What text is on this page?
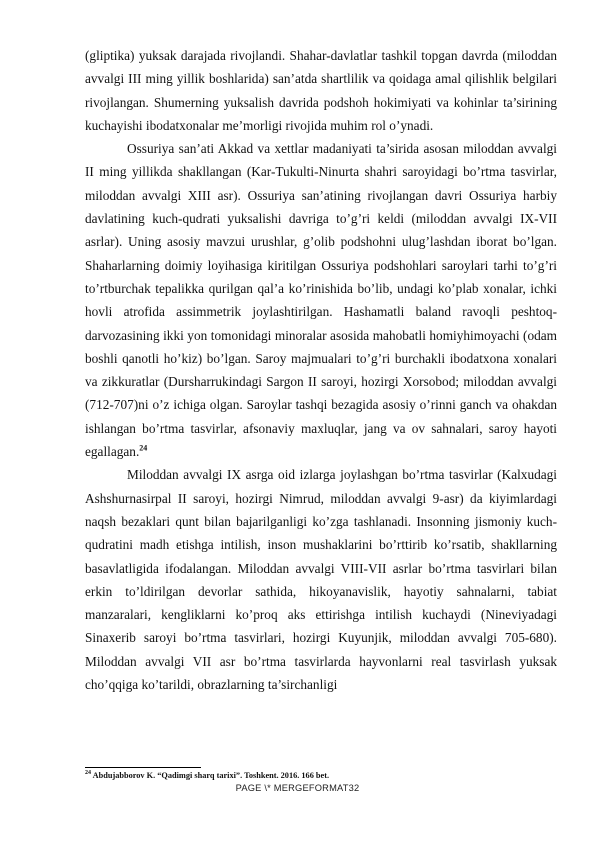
(gliptika) yuksak darajada rivojlandi. Shahar-davlatlar tashkil topgan davrda (miloddan avvalgi III ming yillik boshlarida) san’atda shartlilik va qoidaga amal qilishlik belgilari rivojlangan. Shumerning yuksalish davrida podshoh hokimiyati va kohinlar ta’sirining kuchayishi ibodatxonalar me’morligi rivojida muhim rol o’ynadi.

Ossuriya san’ati Akkad va xettlar madaniyati ta’sirida asosan miloddan avvalgi II ming yillikda shakllangan (Kar-Tukulti-Ninurta shahri saroyidagi bo’rtma tasvirlar, miloddan avvalgi XIII asr). Ossuriya san’atining rivojlangan davri Ossuriya harbiy davlatining kuch-qudrati yuksalishi davriga to’g’ri keldi (miloddan avvalgi IX-VII asrlar). Uning asosiy mavzui urushlar, g’olib podshohni ulug’lashdan iborat bo’lgan. Shaharlarning doimiy loyihasiga kiritilgan Ossuriya podshohlari saroylari tarhi to’g’ri to’rtburchak tepalikka qurilgan qal’a ko’rinishida bo’lib, undagi ko’plab xonalar, ichki hovli atrofida assimmetrik joylashtirilgan. Hashamatli baland ravoqli peshtoq-darvozasining ikki yon tomonidagi minoralar asosida mahobatli homiyhimoyachi (odam boshli qanotli ho’kiz) bo’lgan. Saroy majmualari to’g’ri burchakli ibodatxona xonalari va zikkuratlar (Dursharrukindagi Sargon II saroyi, hozirgi Xorsobod; miloddan avvalgi (712-707)ni o’z ichiga olgan. Saroylar tashqi bezagida asosiy o’rinni ganch va ohakdan ishlangan bo’rtma tasvirlar, afsonaviy maxluqlar, jang va ov sahnalari, saroy hayoti egallagan.$^{24}$

Miloddan avvalgi IX asrga oid izlarga joylashgan bo’rtma tasvirlar (Kalxudagi Ashshurnasirpal II saroyi, hozirgi Nimrud, miloddan avvalgi 9-asr) da kiyimlardagi naqsh bezaklari qunt bilan bajarilganligi ko’zga tashlanadi. Insonning jismoniy kuch-qudratini madh etishga intilish, inson mushaklarini bo’rttirib ko’rsatib, shakllarning basavlatligida ifodalangan. Miloddan avvalgi VIII-VII asrlar bo’rtma tasvirlari bilan erkin to’ldirilgan devorlar sathida, hikoyanavislik, hayotiy sahnalarni, tabiat manzaralari, kengliklarni ko’proq aks ettirishga intilish kuchaydi (Nineviyadagi Sinaxerib saroyi bo’rtma tasvirlari, hozirgi Kuyunjik, miloddan avvalgi 705-680). Miloddan avvalgi VII asr bo’rtma tasvirlarda hayvonlarni real tasvirlash yuksak cho’qqiga ko’tarildi, obrazlarning ta’sirchanligi

$^{24}$ Abdujabborov K. “Qadimgi sharq tarixi”. Toshkent. 2016. 166 bet.
PAGE \* MERGEFORMAT32
